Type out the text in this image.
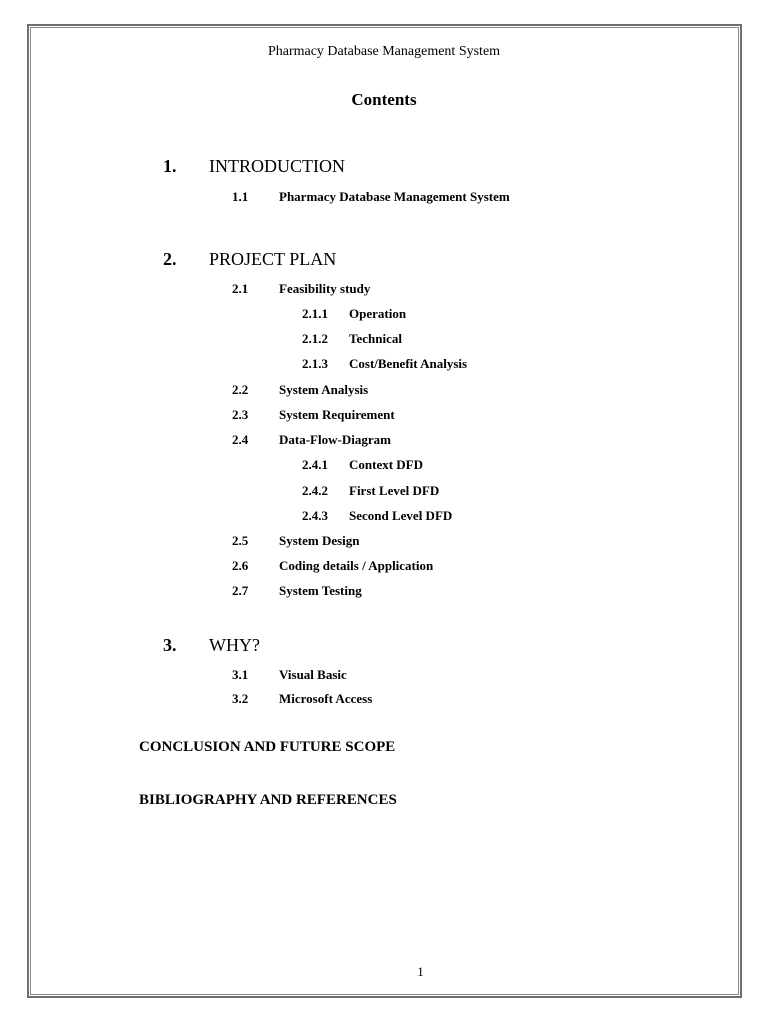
Pharmacy Database Management System
Contents
1. INTRODUCTION
1.1 Pharmacy Database Management System
2. PROJECT PLAN
2.1 Feasibility study
2.1.1 Operation
2.1.2 Technical
2.1.3 Cost/Benefit Analysis
2.2 System Analysis
2.3 System Requirement
2.4 Data-Flow-Diagram
2.4.1 Context DFD
2.4.2 First Level DFD
2.4.3 Second Level DFD
2.5 System Design
2.6 Coding details / Application
2.7 System Testing
3. WHY?
3.1 Visual Basic
3.2 Microsoft Access
CONCLUSION AND FUTURE SCOPE
BIBLIOGRAPHY AND REFERENCES
1
